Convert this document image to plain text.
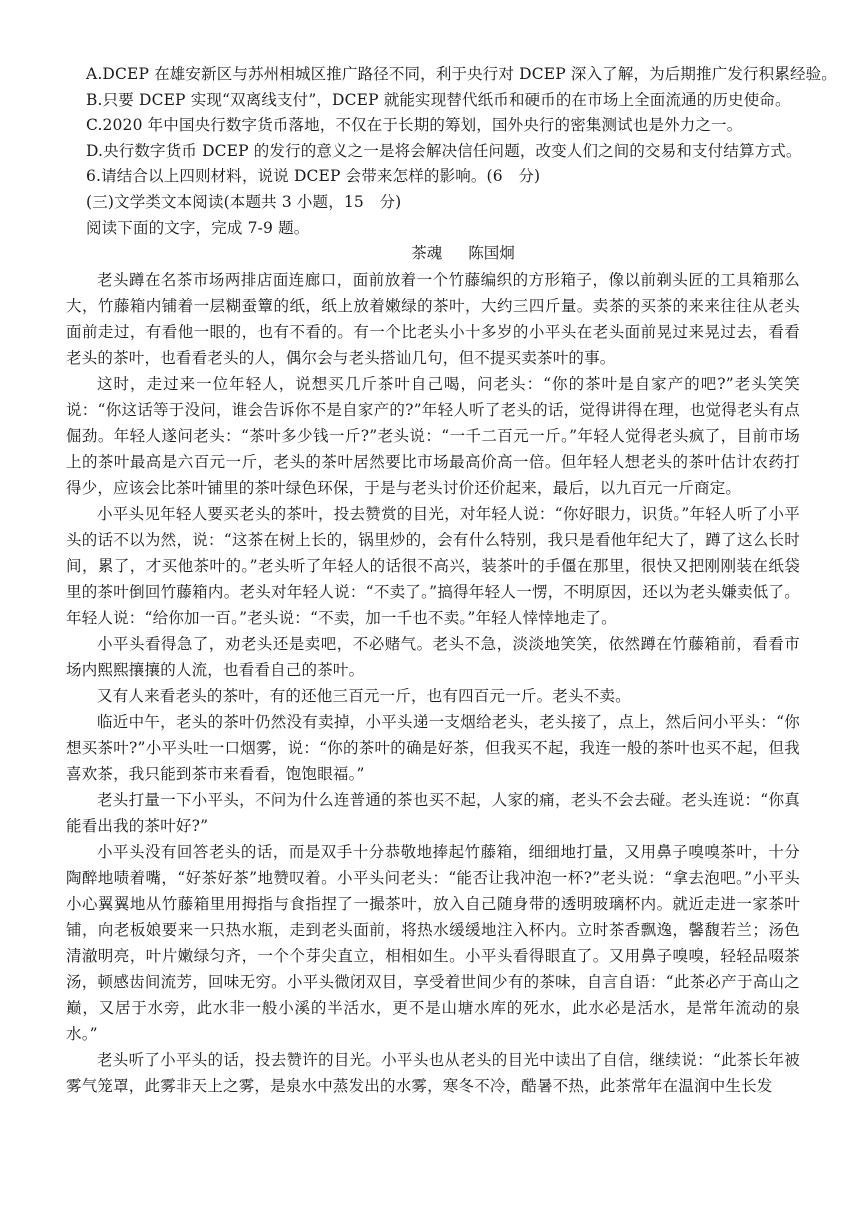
A.DCEP 在雄安新区与苏州相城区推广路径不同，利于央行对 DCEP 深入了解，为后期推广发行积累经验。
B.只要 DCEP 实现“双离线支付”，DCEP 就能实现替代纸币和硬币的在市场上全面流通的历史使命。
C.2020 年中国央行数字货币落地，不仅在于长期的筹划，国外央行的密集测试也是外力之一。
D.央行数字货币 DCEP 的发行的意义之一是将会解决信任问题，改变人们之间的交易和支付结算方式。
6.请结合以上四则材料，说说 DCEP 会带来怎样的影响。(6　分)
(三)文学类文本阅读(本题共 3 小题，15　分)
阅读下面的文字，完成 7-9 题。
茶魂 陈国炯

老头蹲在名茶市场两排店面连廊口，面前放着一个竹藤编织的方形箱子，像以前剃头匠的工具箱那么大，竹藤箱内铺着一层糊蚕簟的纸，纸上放着嫩绿的茶叶，大约三四斤量。卖茶的买茶的来来往往从老头面前走过，有看他一眼的，也有不看的。有一个比老头小十多岁的小平头在老头面前晃过来晃过去，看看老头的茶叶，也看看老头的人，偶尔会与老头搭讪几句，但不提买卖茶叶的事。

这时，走过来一位年轻人，说想买几斤茶叶自己喝，问老头：“你的茶叶是自家产的吧?”老头笑笑说：“你这话等于没问，谁会告诉你不是自家产的?”年轻人听了老头的话，觉得讲得在理，也觉得老头有点倔劲。年轻人遂问老头：“茶叶多少钱一斤?”老头说：“一千二百元一斤。”年轻人觉得老头疯了，目前市场上的茶叶最高是六百元一斤，老头的茶叶居然要比市场最高价高一倍。但年轻人想老头的茶叶估计农药打得少，应该会比茶叶铺里的茶叶绿色环保，于是与老头讨价还价起来，最后，以九百元一斤商定。

小平头见年轻人要买老头的茶叶，投去赞赏的目光，对年轻人说：“你好眼力，识货。”年轻人听了小平头的话不以为然，说：“这茶在树上长的，锅里炒的，会有什么特别，我只是看他年纪大了，蹲了这么长时间，累了，才买他茶叶的。”老头听了年轻人的话很不高兴，装茶叶的手僵在那里，很快又把刚刚装在纸袋里的茶叶倒回竹藤箱内。老头对年轻人说：“不卖了。”搞得年轻人一愣，不明原因，还以为老头嫌卖低了。年轻人说：“给你加一百。”老头说：“不卖，加一千也不卖。”年轻人悻悻地走了。

小平头看得急了，劝老头还是卖吧，不必赌气。老头不急，淡淡地笑笑，依然蹲在竹藤箱前，看看市场内熙熙攘攘的人流，也看看自己的茶叶。

又有人来看老头的茶叶，有的还他三百元一斤，也有四百元一斤。老头不卖。

临近中午，老头的茶叶仍然没有卖掉，小平头递一支烟给老头，老头接了，点上，然后问小平头：“你想买茶叶?”小平头吐一口烟雾，说：“你的茶叶的确是好茶，但我买不起，我连一般的茶叶也买不起，但我喜欢茶，我只能到茶市来看看，饱饱眼福。”

老头打量一下小平头，不问为什么连普通的茶也买不起，人家的痛，老头不会去碰。老头连说：“你真能看出我的茶叶好?”

小平头没有回答老头的话，而是双手十分恭敬地捧起竹藤箱，细细地打量，又用鼻子嗅嗅茶叶，十分陶醉地啧着嘴，“好茶好茶”地赞叹着。小平头问老头：“能否让我冲泡一杯?”老头说：“拿去泡吧。”小平头小心翼翼地从竹藤箱里用拇指与食指捏了一撮茶叶，放入自己随身带的透明玻璃杯内。就近走进一家茶叶铺，向老板娘要来一只热水瓶，走到老头面前，将热水缓缓地注入杯内。立时茶香飘逸，馨馥若兰；汤色清澈明亮，叶片嫩绿匀齐，一个个芽尖直立，相相如生。小平头看得眼直了。又用鼻子嗅嗅，轻轻品啜茶汤，顿感齿间流芳，回味无穷。小平头微闭双目，享受着世间少有的茶味，自言自语：“此茶必产于高山之巅，又居于水旁，此水非一般小溪的半活水，更不是山塘水库的死水，此水必是活水，是常年流动的泉水。”

老头听了小平头的话，投去赞许的目光。小平头也从老头的目光中读出了自信，继续说：“此茶长年被雾气笼罩，此雾非天上之雾，是泉水中蒸发出的水雾，寒冬不冷，酷暑不热，此茶常年在温润中生长发
